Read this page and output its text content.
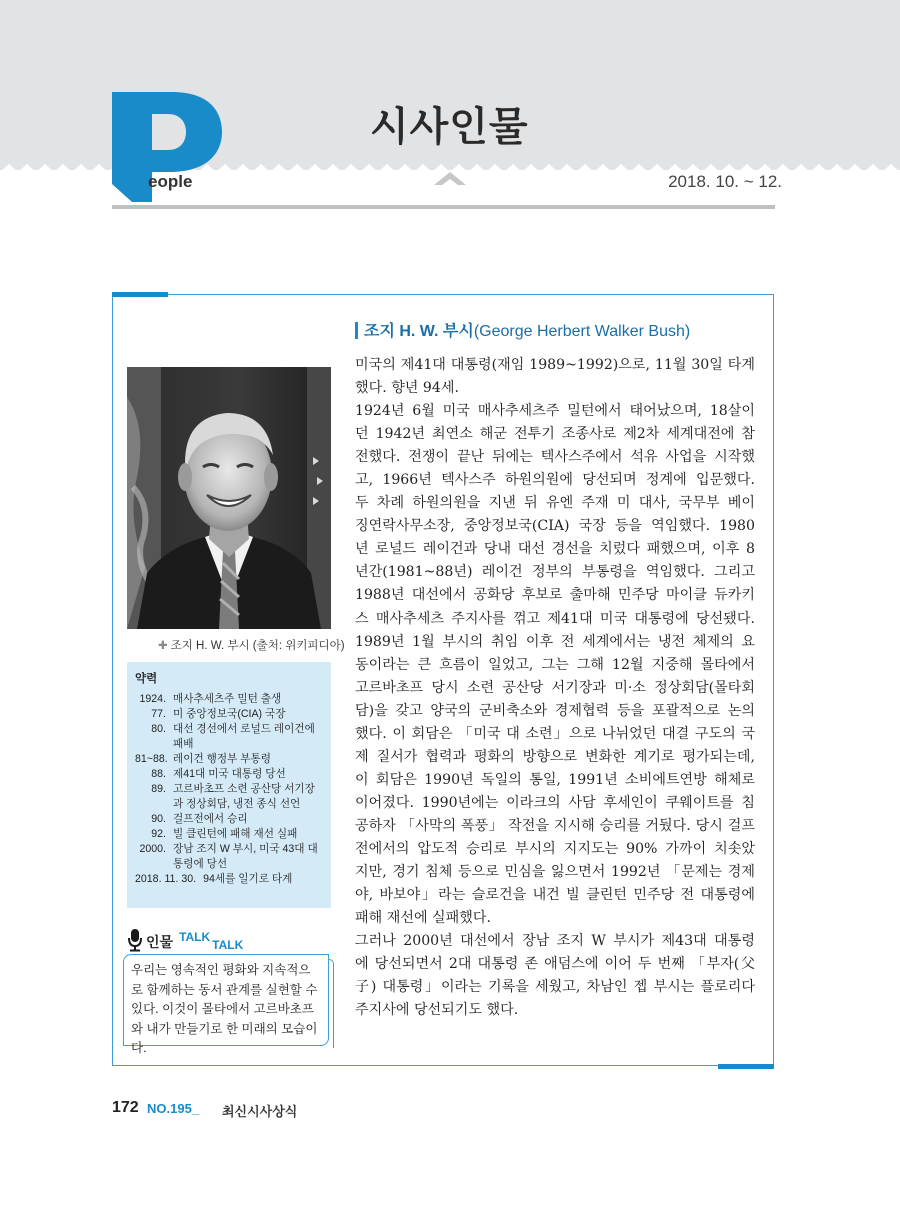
시사인물
eople	2018. 10. ~ 12.
✚ 조지 H. W. 부시 (출처: 위키피디아)
약력
1924. 매사추세츠주 밀턴 출생
77. 미 중앙정보국(CIA) 국장
80. 대선 경선에서 로널드 레이건에 패배
81~88. 레이건 행정부 부통령
88. 제41대 미국 대통령 당선
89. 고르바초프 소련 공산당 서기장과 정상회담, 냉전 종식 선언
90. 걸프전에서 승리
92. 빌 클린턴에 패해 재선 실패
2000. 장남 조지 W 부시, 미국 43대 대통령에 당선
2018. 11. 30. 94세를 일기로 타계
인물 TALK
TALK

우리는 영속적인 평화와 지속적으로 함께하는 동서 관계를 실현할 수 있다. 이것이 몰타에서 고르바초프와 내가 만들기로 한 미래의 모습이다.

조지 H. W. 부시(George Herbert Walker Bush)
미국의 제41대 대통령(재임 1989~1992)으로, 11월 30일 타계
했다. 향년 94세.
1924년 6월 미국 매사추세츠주 밀턴에서 태어났으며, 18살이
던 1942년 최연소 해군 전투기 조종사로 제2차 세계대전에 참
전했다. 전쟁이 끝난 뒤에는 텍사스주에서 석유 사업을 시작했
고, 1966년 텍사스주 하원의원에 당선되며 정계에 입문했다.
두 차례 하원의원을 지낸 뒤 유엔 주재 미 대사, 국무부 베이
징연락사무소장, 중앙정보국(CIA) 국장 등을 역임했다. 1980
년 로널드 레이건과 당내 대선 경선을 치렀다 패했으며, 이후 8
년간(1981~88년) 레이건 정부의 부통령을 역임했다. 그리고
1988년 대선에서 공화당 후보로 출마해 민주당 마이클 듀카키
스 매사추세츠 주지사를 꺾고 제41대 미국 대통령에 당선됐다.
1989년 1월 부시의 취임 이후 전 세계에서는 냉전 체제의 요
동이라는 큰 흐름이 일었고, 그는 그해 12월 지중해 몰타에서
고르바초프 당시 소련 공산당 서기장과 미·소 정상회담(몰타회
담)을 갖고 양국의 군비축소와 경제협력 등을 포괄적으로 논의
했다. 이 회담은 「미국 대 소련」으로 나뉘었던 대결 구도의 국
제 질서가 협력과 평화의 방향으로 변화한 계기로 평가되는데,
이 회담은 1990년 독일의 통일, 1991년 소비에트연방 해체로
이어졌다. 1990년에는 이라크의 사담 후세인이 쿠웨이트를 침
공하자 「사막의 폭풍」 작전을 지시해 승리를 거뒀다. 당시 걸프
전에서의 압도적 승리로 부시의 지지도는 90% 가까이 치솟았
지만, 경기 침체 등으로 민심을 잃으면서 1992년 「문제는 경제
야, 바보야」라는 슬로건을 내건 빌 클린턴 민주당 전 대통령에
패해 재선에 실패했다.
그러나 2000년 대선에서 장남 조지 W 부시가 제43대 대통령
에 당선되면서 2대 대통령 존 애덤스에 이어 두 번째 「부자(父
子) 대통령」이라는 기록을 세웠고, 차남인 젭 부시는 플로리다
주지사에 당선되기도 했다.
172 NO.195_ 최신시사상식
